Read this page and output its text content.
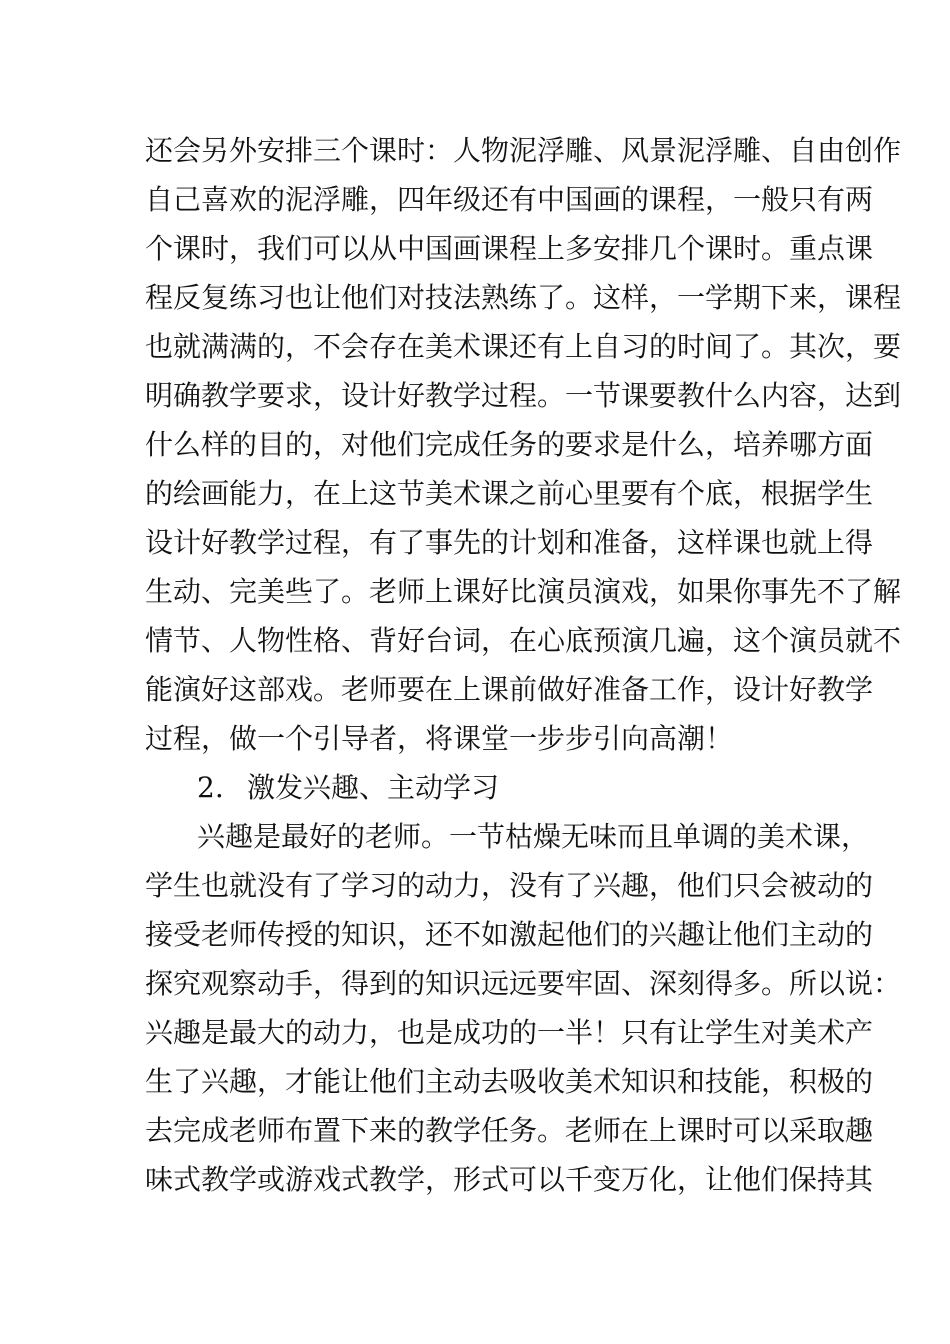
还会另外安排三个课时：人物泥浮雕、风景泥浮雕、自由创作
自己喜欢的泥浮雕，四年级还有中国画的课程，一般只有两
个课时，我们可以从中国画课程上多安排几个课时。重点课
程反复练习也让他们对技法熟练了。这样，一学期下来，课程
也就满满的，不会存在美术课还有上自习的时间了。其次，要
明确教学要求，设计好教学过程。一节课要教什么内容，达到
什么样的目的，对他们完成任务的要求是什么，培养哪方面
的绘画能力，在上这节美术课之前心里要有个底，根据学生
设计好教学过程，有了事先的计划和准备，这样课也就上得
生动、完美些了。老师上课好比演员演戏，如果你事先不了解
情节、人物性格、背好台词，在心底预演几遍，这个演员就不
能演好这部戏。老师要在上课前做好准备工作，设计好教学
过程，做一个引导者，将课堂一步步引向高潮！
2. 激发兴趣、主动学习
兴趣是最好的老师。一节枯燥无味而且单调的美术课，
学生也就没有了学习的动力，没有了兴趣，他们只会被动的
接受老师传授的知识，还不如激起他们的兴趣让他们主动的
探究观察动手，得到的知识远远要牢固、深刻得多。所以说：
兴趣是最大的动力，也是成功的一半！只有让学生对美术产
生了兴趣，才能让他们主动去吸收美术知识和技能，积极的
去完成老师布置下来的教学任务。老师在上课时可以采取趣
味式教学或游戏式教学，形式可以千变万化，让他们保持其
